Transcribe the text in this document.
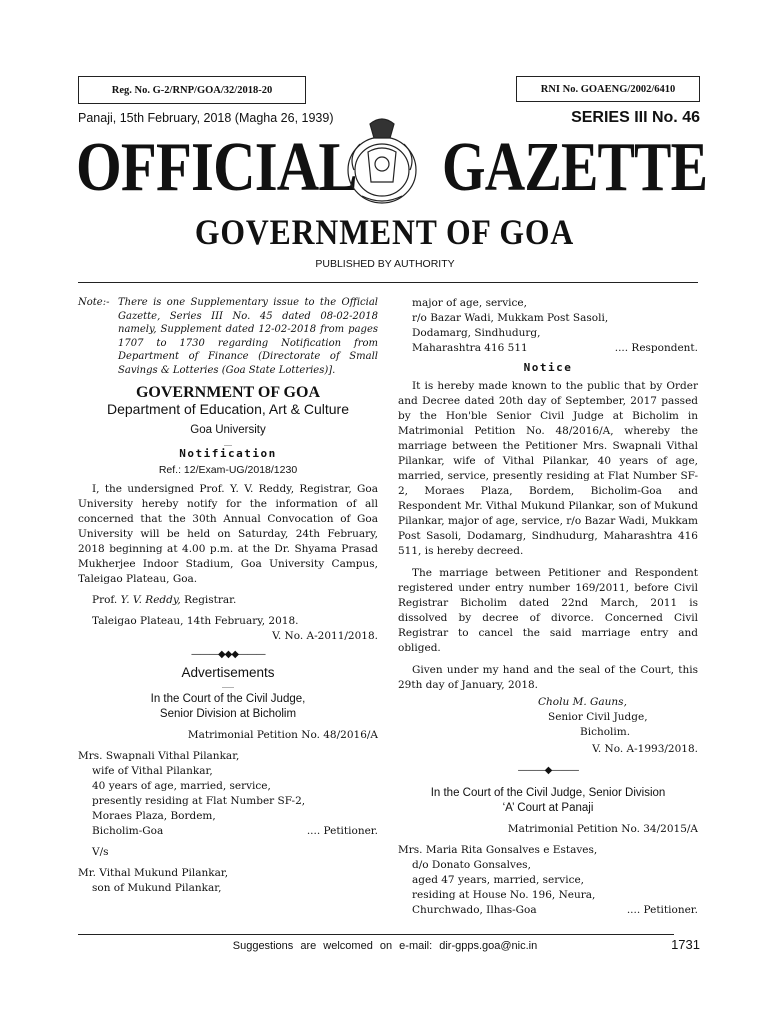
Reg. No. G-2/RNP/GOA/32/2018-20	RNI No. GOAENG/2002/6410
Panaji, 15th February, 2018 (Magha 26, 1939)	SERIES III No. 46
OFFICIAL GAZETTE
GOVERNMENT OF GOA
PUBLISHED BY AUTHORITY
Note:- There is one Supplementary issue to the Official Gazette, Series III No. 45 dated 08-02-2018 namely, Supplement dated 12-02-2018 from pages 1707 to 1730 regarding Notification from Department of Finance (Directorate of Small Savings & Lotteries (Goa State Lotteries)].
GOVERNMENT OF GOA
Department of Education, Art & Culture
Goa University
__
Notification
Ref.: 12/Exam-UG/2018/1230
I, the undersigned Prof. Y. V. Reddy, Registrar, Goa University hereby notify for the information of all concerned that the 30th Annual Convocation of Goa University will be held on Saturday, 24th February, 2018 beginning at 4.00 p.m. at the Dr. Shyama Prasad Mukherjee Indoor Stadium, Goa University Campus, Taleigao Plateau, Goa.
Prof. Y. V. Reddy, Registrar.
Taleigao Plateau, 14th February, 2018.
V. No. A-2011/2018.
———◆◆◆———
Advertisements
___
In the Court of the Civil Judge,
Senior Division at Bicholim
Matrimonial Petition No. 48/2016/A
Mrs. Swapnali Vithal Pilankar,
wife of Vithal Pilankar,
40 years of age, married, service,
presently residing at Flat Number SF-2,
Moraes Plaza, Bordem,
Bicholim-Goa	.... Petitioner.
V/s
Mr. Vithal Mukund Pilankar,
son of Mukund Pilankar,
major of age, service,
r/o Bazar Wadi, Mukkam Post Sasoli,
Dodamarg, Sindhudurg,
Maharashtra 416 511	.... Respondent.
Notice
It is hereby made known to the public that by Order and Decree dated 20th day of September, 2017 passed by the Hon'ble Senior Civil Judge at Bicholim in Matrimonial Petition No. 48/2016/A, whereby the marriage between the Petitioner Mrs. Swapnali Vithal Pilankar, wife of Vithal Pilankar, 40 years of age, married, service, presently residing at Flat Number SF-2, Moraes Plaza, Bordem, Bicholim-Goa and Respondent Mr. Vithal Mukund Pilankar, son of Mukund Pilankar, major of age, service, r/o Bazar Wadi, Mukkam Post Sasoli, Dodamarg, Sindhudurg, Maharashtra 416 511, is hereby decreed.
The marriage between Petitioner and Respondent registered under entry number 169/2011, before Civil Registrar Bicholim dated 22nd March, 2011 is dissolved by decree of divorce. Concerned Civil Registrar to cancel the said marriage entry and obliged.
Given under my hand and the seal of the Court, this 29th day of January, 2018.
Cholu M. Gauns,
Senior Civil Judge,
Bicholim.
V. No. A-1993/2018.
———◆———
In the Court of the Civil Judge, Senior Division
‘A’ Court at Panaji
Matrimonial Petition No. 34/2015/A
Mrs. Maria Rita Gonsalves e Estaves,
d/o Donato Gonsalves,
aged 47 years, married, service,
residing at House No. 196, Neura,
Churchwado, Ilhas-Goa	.... Petitioner.
Suggestions are welcomed on e-mail: dir-gpps.goa@nic.in	1731
